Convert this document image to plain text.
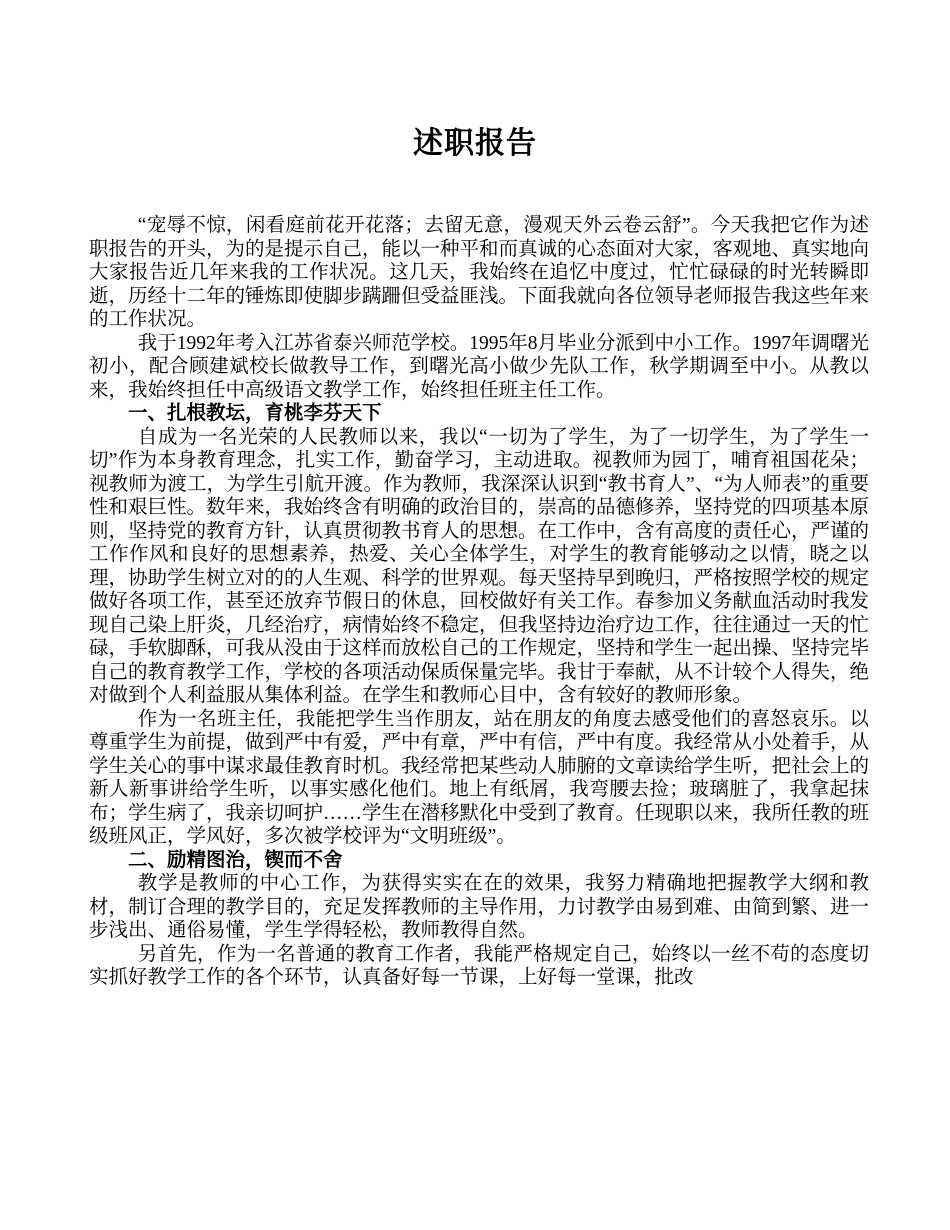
述职报告

“宠辱不惊，闲看庭前花开花落；去留无意，漫观天外云卷云舒”。今天我把它作为述职报告的开头，为的是提示自己，能以一种平和而真诚的心态面对大家，客观地、真实地向大家报告近几年来我的工作状况。这几天，我始终在追忆中度过，忙忙碌碌的时光转瞬即逝，历经十二年的锤炼即使脚步蹒跚但受益匪浅。下面我就向各位领导老师报告我这些年来的工作状况。

我于1992年考入江苏省泰兴师范学校。1995年8月毕业分派到中小工作。1997年调曙光初小，配合顾建斌校长做教导工作，到曙光高小做少先队工作，秋学期调至中小。从教以来，我始终担任中高级语文教学工作，始终担任班主任工作。

一、扎根教坛，育桃李芬天下

自成为一名光荣的人民教师以来，我以“一切为了学生，为了一切学生，为了学生一切”作为本身教育理念，扎实工作，勤奋学习，主动进取。视教师为园丁，哺育祖国花朵；视教师为渡工，为学生引航开渡。作为教师，我深深认识到“教书育人”、“为人师表”的重要性和艰巨性。数年来，我始终含有明确的政治目的，崇高的品德修养，坚持党的四项基本原则，坚持党的教育方针，认真贯彻教书育人的思想。在工作中，含有高度的责任心，严谨的工作作风和良好的思想素养，热爱、关心全体学生，对学生的教育能够动之以情，晓之以理，协助学生树立对的的人生观、科学的世界观。每天坚持早到晚归，严格按照学校的规定做好各项工作，甚至还放弃节假日的休息，回校做好有关工作。春参加义务献血活动时我发现自己染上肝炎，几经治疗，病情始终不稳定，但我坚持边治疗边工作，往往通过一天的忙碌，手软脚酥，可我从没由于这样而放松自己的工作规定，坚持和学生一起出操、坚持完毕自己的教育教学工作，学校的各项活动保质保量完毕。我甘于奉献，从不计较个人得失，绝对做到个人利益服从集体利益。在学生和教师心目中，含有较好的教师形象。

作为一名班主任，我能把学生当作朋友，站在朋友的角度去感受他们的喜怒哀乐。以尊重学生为前提，做到严中有爱，严中有章，严中有信，严中有度。我经常从小处着手，从学生关心的事中谋求最佳教育时机。我经常把某些动人肺腑的文章读给学生听，把社会上的新人新事讲给学生听，以事实感化他们。地上有纸屑，我弯腰去捡；玻璃脏了，我拿起抹布；学生病了，我亲切呵护……学生在潜移默化中受到了教育。任现职以来，我所任教的班级班风正，学风好，多次被学校评为“文明班级”。

二、励精图治，锲而不舍

教学是教师的中心工作，为获得实实在在的效果，我努力精确地把握教学大纲和教材，制订合理的教学目的，充足发挥教师的主导作用，力讨教学由易到难、由简到繁、进一步浅出、通俗易懂，学生学得轻松，教师教得自然。

另首先，作为一名普通的教育工作者，我能严格规定自己，始终以一丝不苟的态度切实抓好教学工作的各个环节，认真备好每一节课，上好每一堂课，批改
